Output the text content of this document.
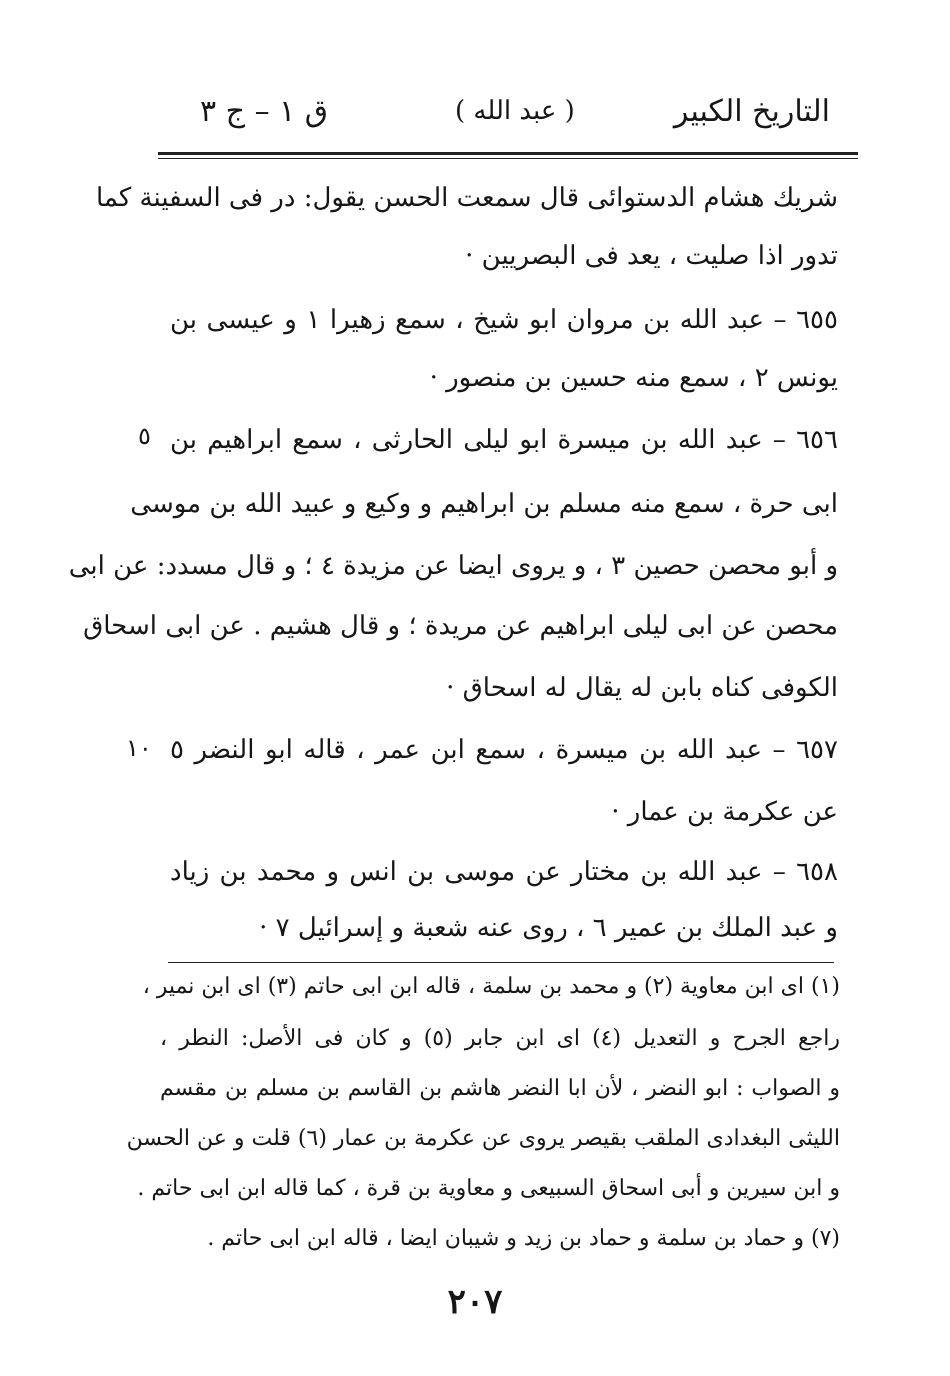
التاريخ الكبير
( عبد الله )
ق ١ – ج ٣
شريك هشام الدستوائى قال سمعت الحسن يقول: در فى السفينة كما
تدور اذا صليت ، يعد فى البصريين ·
٦٥٥ – عبد الله بن مروان ابو شيخ ، سمع زهيرا ١ و عيسى بن
يونس ٢ ، سمع منه حسين بن منصور ·
٦٥٦ – عبد الله بن ميسرة ابو ليلى الحارثى ، سمع ابراهيم بن
ابى حرة ، سمع منه مسلم بن ابراهيم و وكيع و عبيد الله بن موسى
و أبو محصن حصين ٣ ، و يروى ايضا عن مزيدة ٤ ؛ و قال مسدد: عن ابى
محصن عن ابى ليلى ابراهيم عن مريدة ؛ و قال هشيم . عن ابى اسحاق
الكوفى كناه بابن له يقال له اسحاق ·
٦٥٧ – عبد الله بن ميسرة ، سمع ابن عمر ، قاله ابو النضر ٥
عن عكرمة بن عمار ·
٦٥٨ – عبد الله بن مختار عن موسى بن انس و محمد بن زياد
و عبد الملك بن عمير ٦ ، روى عنه شعبة و إسرائيل ٧ ·
٥
١٠
(١) اى ابن معاوية (٢) و محمد بن سلمة ، قاله ابن ابى حاتم (٣) اى ابن نمير ،
راجع الجرح و التعديل (٤) اى ابن جابر (٥) و كان فى الأصل: النطر ،
و الصواب : ابو النضر ، لأن ابا النضر هاشم بن القاسم بن مسلم بن مقسم
الليثى البغدادى الملقب بقيصر يروى عن عكرمة بن عمار (٦) قلت و عن الحسن
و ابن سيرين و أبى اسحاق السبيعى و معاوية بن قرة ، كما قاله ابن ابى حاتم .
(٧) و حماد بن سلمة و حماد بن زيد و شيبان ايضا ، قاله ابن ابى حاتم .
٢٠٧
